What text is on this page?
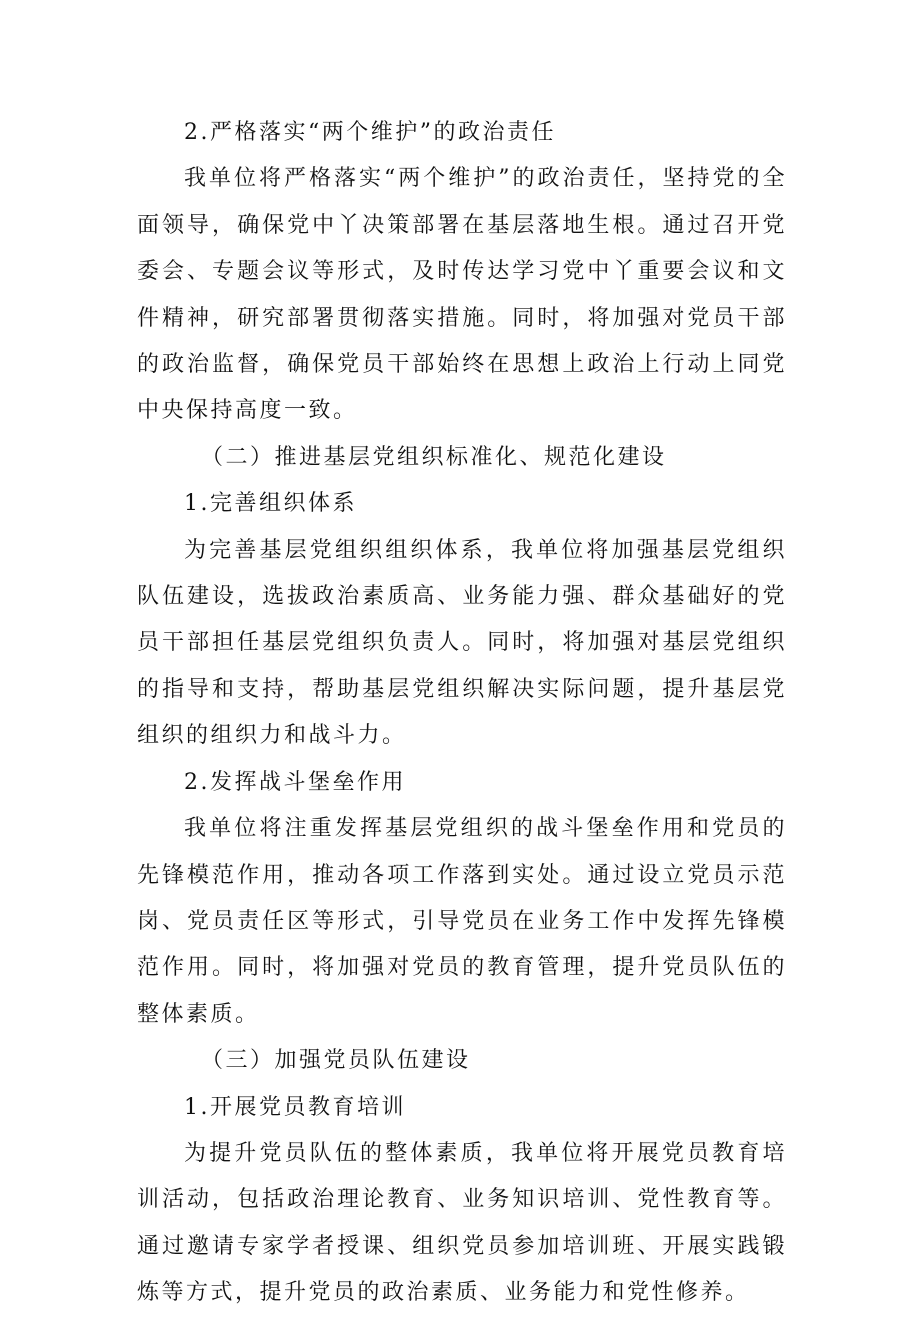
2.严格落实“两个维护”的政治责任

我单位将严格落实“两个维护”的政治责任，坚持党的全面领导，确保党中丫决策部署在基层落地生根。通过召开党委会、专题会议等形式，及时传达学习党中丫重要会议和文件精神，研究部署贯彻落实措施。同时，将加强对党员干部的政治监督，确保党员干部始终在思想上政治上行动上同党中央保持高度一致。

（二）推进基层党组织标准化、规范化建设

1.完善组织体系

为完善基层党组织组织体系，我单位将加强基层党组织队伍建设，选拔政治素质高、业务能力强、群众基础好的党员干部担任基层党组织负责人。同时，将加强对基层党组织的指导和支持，帮助基层党组织解决实际问题，提升基层党组织的组织力和战斗力。

2.发挥战斗堡垒作用

我单位将注重发挥基层党组织的战斗堡垒作用和党员的先锋模范作用，推动各项工作落到实处。通过设立党员示范岗、党员责任区等形式，引导党员在业务工作中发挥先锋模范作用。同时，将加强对党员的教育管理，提升党员队伍的整体素质。

（三）加强党员队伍建设

1.开展党员教育培训

为提升党员队伍的整体素质，我单位将开展党员教育培训活动，包括政治理论教育、业务知识培训、党性教育等。通过邀请专家学者授课、组织党员参加培训班、开展实践锻炼等方式，提升党员的政治素质、业务能力和党性修养。
